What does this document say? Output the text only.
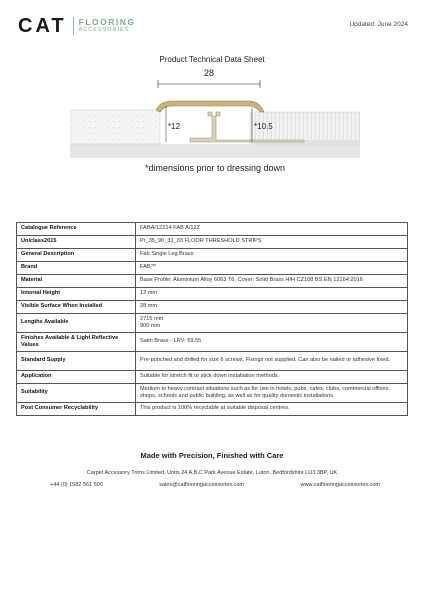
CAT FLOORING
ACCESSORIES
Updated: June 2024
Product Technical Data Sheet
28
*12	*10.5
*dimensions prior to dressing down
Catalogue Reference	FABA/12Z14 FAB A/12Z
Uniclass2015	Pr_35_90_31_33 FLOOR THRESHOLD STRIPS
General Description	Fab Single Leg Brass
Brand	FAB™
Material	Base Profile: Aluminium Alloy 6063 T6, Cover: Solid Brass H/H CZ108 BS EN 12164:2016
Internal Height	12 mm
Visible Surface When Installed	28 mm
Lengths Available	2715 mm
900 mm

Finishes Available & Light Reflective Values	Satin Brass - LRV: 59.55
Standard Supply	Pre-punched and drilled for size 6 screws. Fixings not supplied. Can also be nailed or adhesive fixed.
Application	Suitable for stretch fit or stick down installation methods.
Suitability	Medium to heavy contract situations such as for use in hotels, pubs, cafes, clubs, commercial offices, shops, schools and public building, as well as for quality domestic installations.
Post Consumer Recyclability	This product is 100% recyclable at suitable disposal centres.
Made with Precision, Finished with Care
Carpet Accessory Trims Limited, Units 24 A,B,C Park Avenue Estate, Luton, Bedfordshire LU3 3BP, UK
+44 (0) 1582 561 500	sales@catflooringaccessories.com	www.catflooringaccessories.com
